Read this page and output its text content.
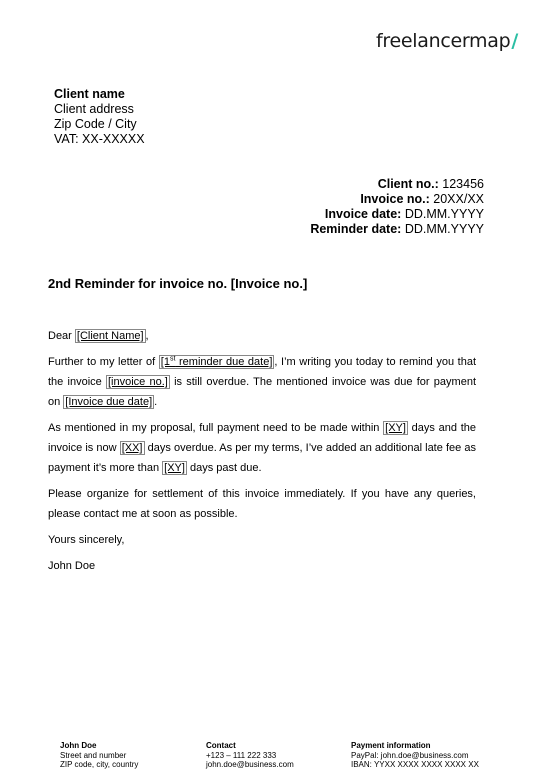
freelancermap/
Client name
Client address
Zip Code / City
VAT: XX-XXXXX
Client no.: 123456
Invoice no.: 20XX/XX
Invoice date: DD.MM.YYYY
Reminder date: DD.MM.YYYY
2nd Reminder for invoice no. [Invoice no.]

Dear [Client Name] ,

Further to my letter of [1st reminder due date] , I’m writing you today to remind you that the invoice [invoice no.] is still overdue. The mentioned invoice was due for payment on [Invoice due date] .

As mentioned in my proposal, full payment need to be made within [XY] days and the invoice is now [XX] days overdue. As per my terms, I’ve added an additional late fee as payment it’s more than [XY] days past due.

Please organize for settlement of this invoice immediately. If you have any queries, please contact me at soon as possible.

Yours sincerely,

John Doe

John Doe
Street and number
ZIP code, city, country
Contact
+123 – 111 222 333
john.doe@business.com
Payment information
PayPal: john.doe@business.com
IBAN: YYXX XXXX XXXX XXXX XX
